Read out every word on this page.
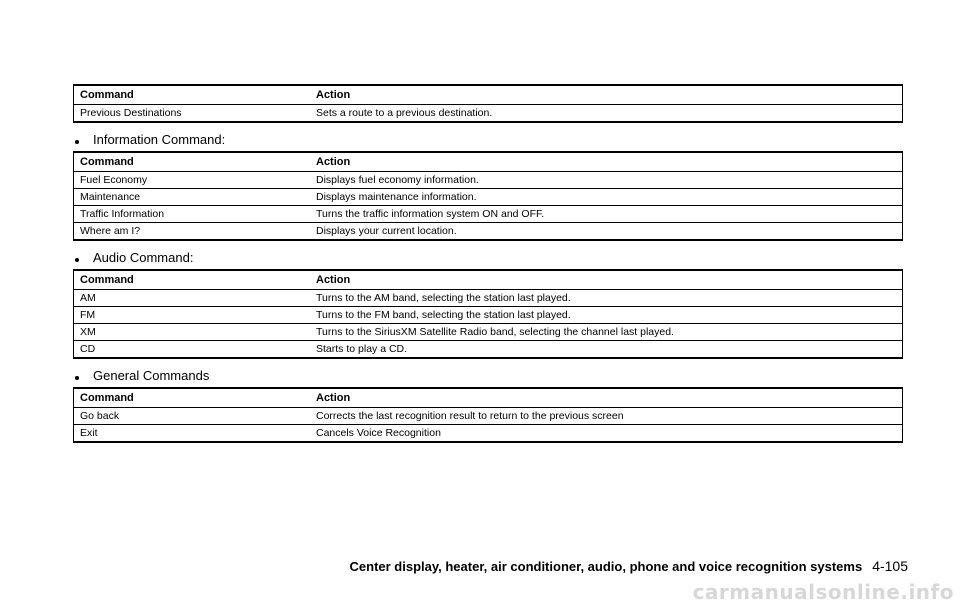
Command	Action
Previous Destinations	Sets a route to a previous destination.
Information Command:
Command	Action
Fuel Economy	Displays fuel economy information.
Maintenance	Displays maintenance information.
Traffic Information	Turns the traffic information system ON and OFF.
Where am I?	Displays your current location.
Audio Command:
Command	Action
AM	Turns to the AM band, selecting the station last played.
FM	Turns to the FM band, selecting the station last played.
XM	Turns to the SiriusXM Satellite Radio band, selecting the channel last played.
CD	Starts to play a CD.
General Commands
Command	Action
Go back	Corrects the last recognition result to return to the previous screen
Exit	Cancels Voice Recognition
Center display, heater, air conditioner, audio, phone and voice recognition systems 4-105
carmanualsonline.info
